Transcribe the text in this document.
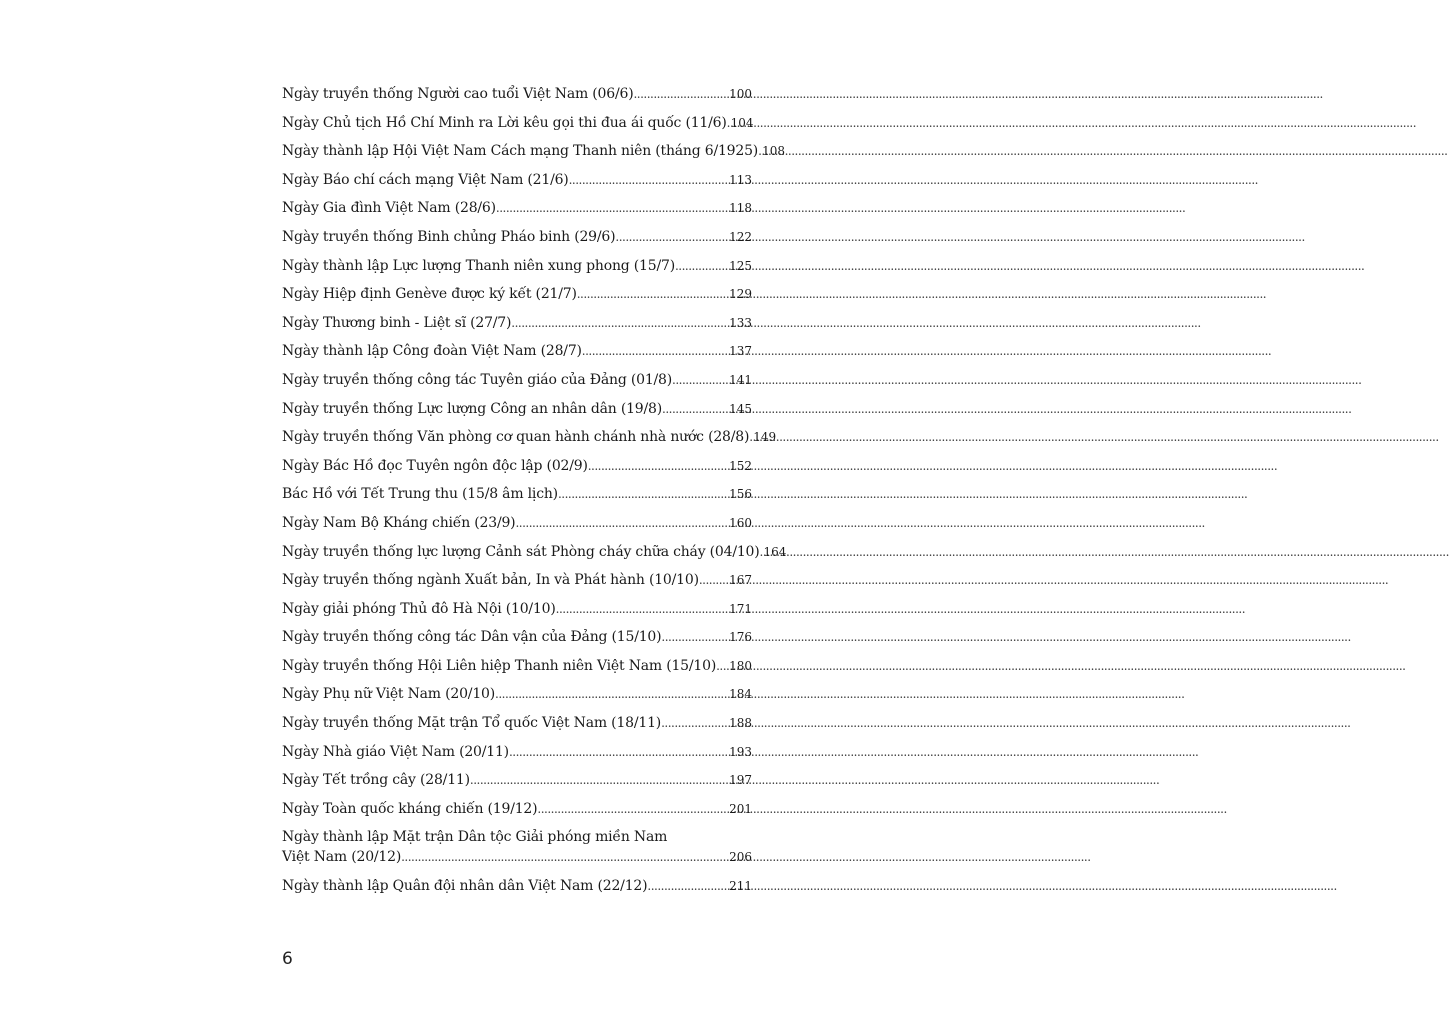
Ngày truyền thống Người cao tuổi Việt Nam (06/6) .....	100
Ngày Chủ tịch Hồ Chí Minh ra Lời kêu gọi thi đua ái quốc (11/6) ..... 104
Ngày thành lập Hội Việt Nam Cách mạng Thanh niên (tháng 6/1925) ..... 108
Ngày Báo chí cách mạng Việt Nam (21/6) .....	113
Ngày Gia đình Việt Nam (28/6) .....	118
Ngày truyền thống Binh chủng Pháo binh (29/6) .....	122
Ngày thành lập Lực lượng Thanh niên xung phong (15/7) .....	125
Ngày Hiệp định Genève được ký kết (21/7) .....	129
Ngày Thương binh - Liệt sĩ (27/7) .....	133
Ngày thành lập Công đoàn Việt Nam (28/7) .....	137
Ngày truyền thống công tác Tuyên giáo của Đảng (01/8) .....	141
Ngày truyền thống Lực lượng Công an nhân dân (19/8) .....	145
Ngày truyền thống Văn phòng cơ quan hành chánh nhà nước (28/8) ..... 149
Ngày Bác Hồ đọc Tuyên ngôn độc lập (02/9) .....	152
Bác Hồ với Tết Trung thu (15/8 âm lịch) .....	156
Ngày Nam Bộ Kháng chiến (23/9) .....	160
Ngày truyền thống lực lượng Cảnh sát Phòng cháy chữa cháy (04/10) ..... 164
Ngày truyền thống ngành Xuất bản, In và Phát hành (10/10) .....	167
Ngày giải phóng Thủ đô Hà Nội (10/10) .....	171
Ngày truyền thống công tác Dân vận của Đảng (15/10) .....	176
Ngày truyền thống Hội Liên hiệp Thanh niên Việt Nam (15/10) ..... 180
Ngày Phụ nữ Việt Nam (20/10) .....	184
Ngày truyền thống Mặt trận Tổ quốc Việt Nam (18/11) .....	188
Ngày Nhà giáo Việt Nam (20/11) .....	193
Ngày Tết trồng cây (28/11) .....	197
Ngày Toàn quốc kháng chiến (19/12) .....	201
Ngày thành lập Mặt trận Dân tộc Giải phóng miền Nam
Việt Nam (20/12) .....	206
Ngày thành lập Quân đội nhân dân Việt Nam (22/12) .....	211
6
